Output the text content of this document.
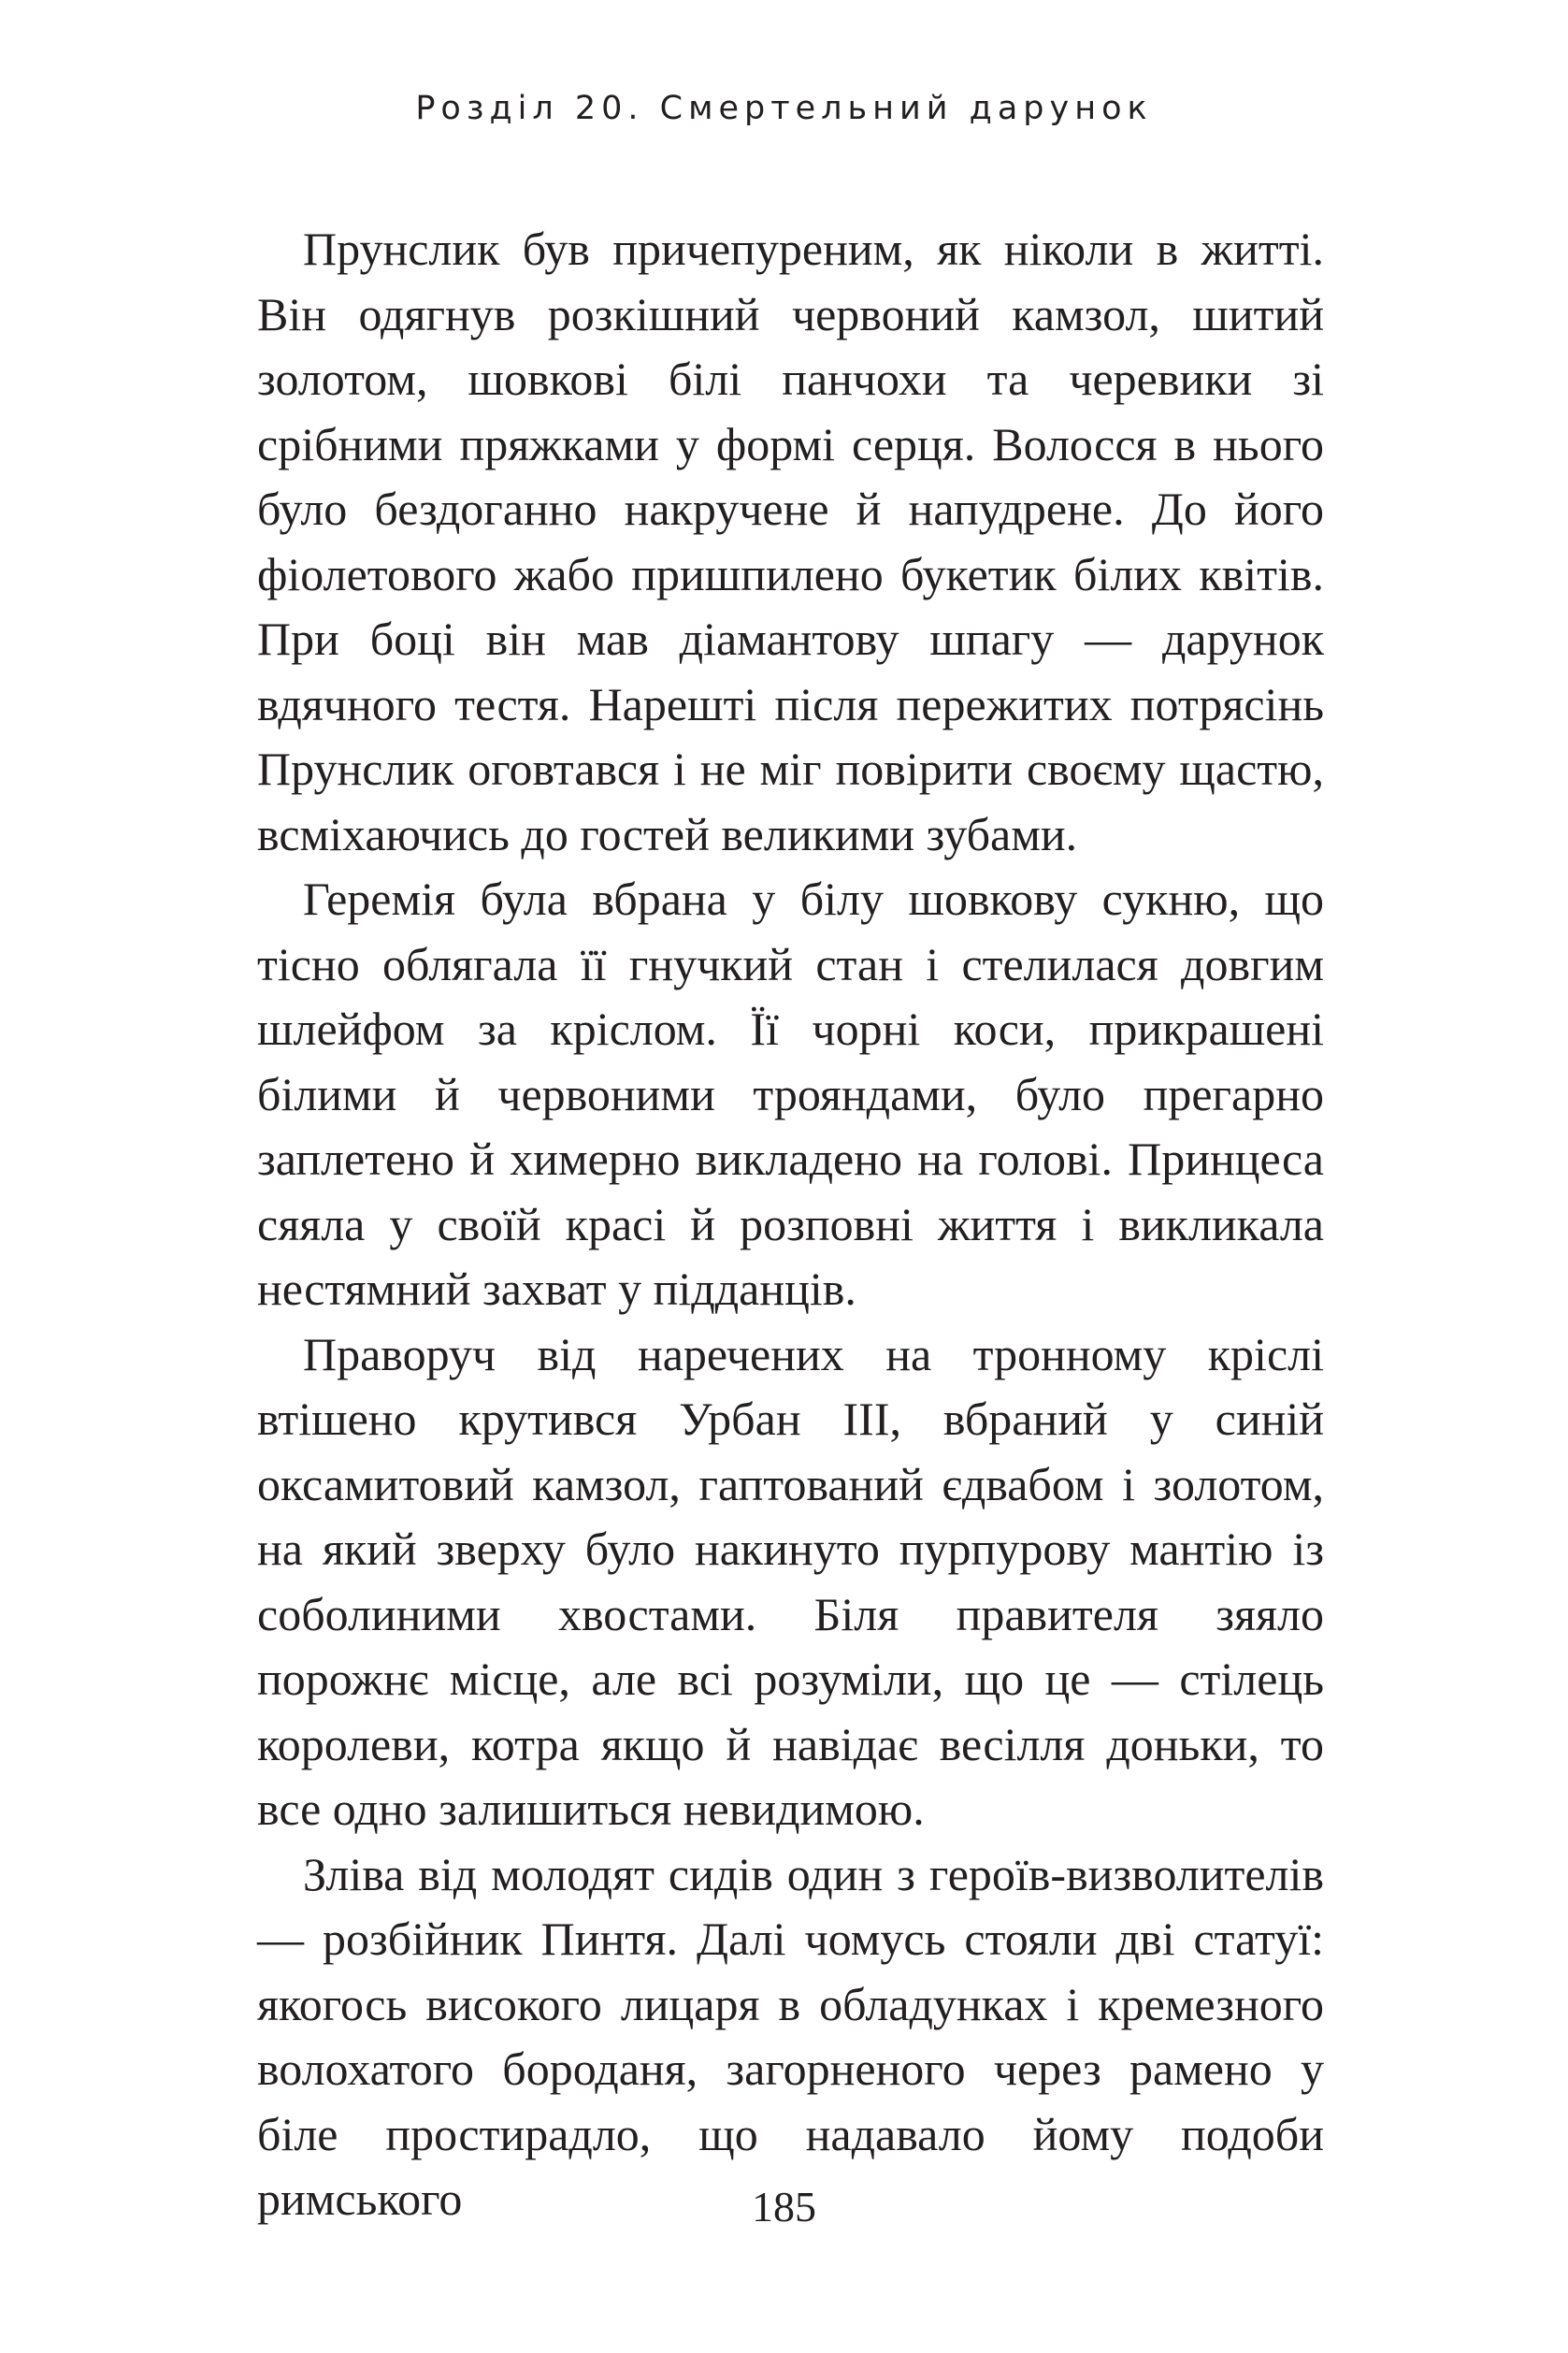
Розділ 20. Смертельний дарунок

Прунслик був причепуреним, як ніколи в житті. Він одягнув розкішний червоний камзол, шитий золотом, шовкові білі панчохи та черевики зі срібними пряжками у формі серця. Волосся в нього було бездоганно накручене й напудрене. До його фіолетового жабо пришпилено букетик білих квітів. При боці він мав діамантову шпагу — дарунок вдячного тестя. Нарешті після пережитих потрясінь Прунслик оговтався і не міг повірити своєму щастю, всміхаючись до гостей великими зубами.

Геремія була вбрана у білу шовкову сукню, що тісно облягала її гнучкий стан і стелилася довгим шлейфом за кріслом. Її чорні коси, прикрашені білими й червоними трояндами, було прегарно заплетено й химерно викладено на голові. Принцеса сяяла у своїй красі й розповні життя і викликала нестямний захват у підданців.

Праворуч від наречених на тронному кріслі втішено крутився Урбан III, вбраний у синій оксамитовий камзол, гаптований єдвабом і золотом, на який зверху було накинуто пурпурову мантію із соболиними хвостами. Біля правителя зяяло порожнє місце, але всі розуміли, що це — стілець королеви, котра якщо й навідає весілля доньки, то все одно залишиться невидимою.

Зліва від молодят сидів один з героїв-визволителів — розбійник Пинтя. Далі чомусь стояли дві статуї: якогось високого лицаря в обладунках і кремезного волохатого бороданя, загорненого через рамено у біле простирадло, що надавало йому подоби римського	185
